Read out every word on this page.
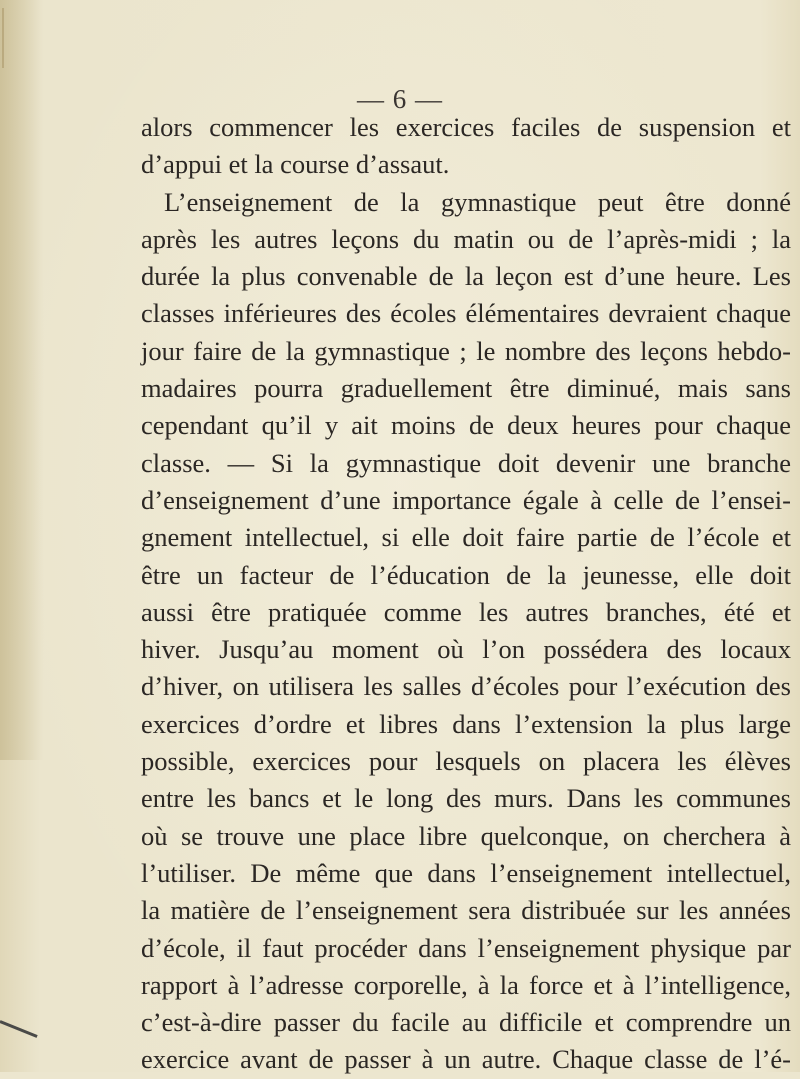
— 6 —
alors commencer les exercices faciles de suspension et
d’appui et la course d’assaut.
L’enseignement de la gymnastique peut être donné
après les autres leçons du matin ou de l’après-midi ; la
durée la plus convenable de la leçon est d’une heure. Les
classes inférieures des écoles élémentaires devraient chaque
jour faire de la gymnastique ; le nombre des leçons hebdo-
madaires pourra graduellement être diminué, mais sans
cependant qu’il y ait moins de deux heures pour chaque
classe. — Si la gymnastique doit devenir une branche
d’enseignement d’une importance égale à celle de l’ensei-
gnement intellectuel, si elle doit faire partie de l’école et
être un facteur de l’éducation de la jeunesse, elle doit
aussi être pratiquée comme les autres branches, été et
hiver. Jusqu’au moment où l’on possédera des locaux
d’hiver, on utilisera les salles d’écoles pour l’exécution des
exercices d’ordre et libres dans l’extension la plus large
possible, exercices pour lesquels on placera les élèves
entre les bancs et le long des murs. Dans les communes
où se trouve une place libre quelconque, on cherchera à
l’utiliser. De même que dans l’enseignement intellectuel,
la matière de l’enseignement sera distribuée sur les années
d’école, il faut procéder dans l’enseignement physique par
rapport à l’adresse corporelle, à la force et à l’intelligence,
c’est-à-dire passer du facile au difficile et comprendre un
exercice avant de passer à un autre. Chaque classe de l’é-
